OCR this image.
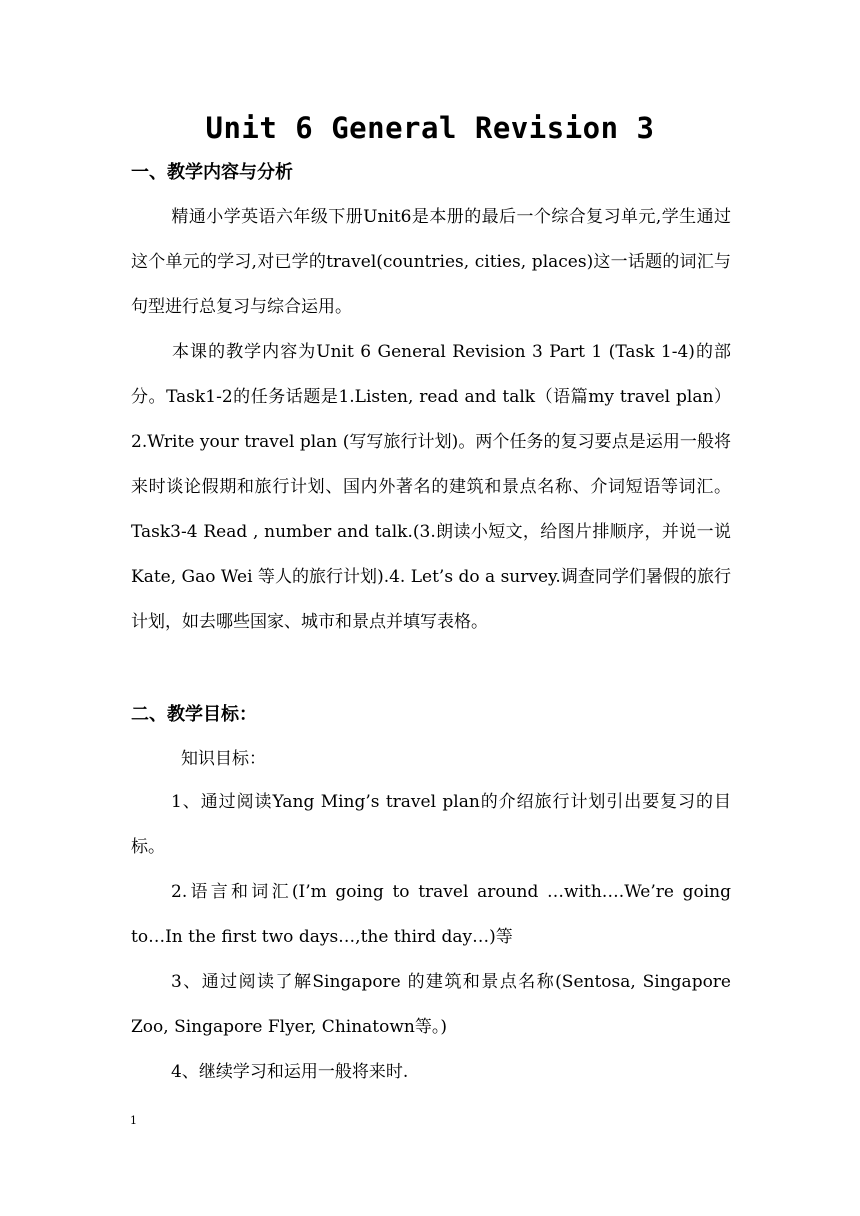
Unit 6 General Revision 3
一、教学内容与分析

精通小学英语六年级下册Unit6是本册的最后一个综合复习单元,学生通过这个单元的学习,对已学的travel(countries, cities, places)这一话题的词汇与句型进行总复习与综合运用。

本课的教学内容为Unit 6 General Revision 3 Part 1 (Task 1-4)的部分。Task1-2的任务话题是1.Listen, read and talk（语篇my travel plan）2.Write your travel plan (写写旅行计划)。两个任务的复习要点是运用一般将来时谈论假期和旅行计划、国内外著名的建筑和景点名称、介词短语等词汇。Task3-4 Read , number and talk.(3.朗读小短文，给图片排顺序，并说一说 Kate, Gao Wei 等人的旅行计划).4. Let’s do a survey.调查同学们暑假的旅行计划，如去哪些国家、城市和景点并填写表格。

二、教学目标：
知识目标：

1、通过阅读Yang Ming’s travel plan的介绍旅行计划引出要复习的目标。

2.语言和词汇(I’m going to travel around …with….We’re going to…In the first two days…,the third day…)等

3、通过阅读了解Singapore 的建筑和景点名称(Sentosa, Singapore Zoo, Singapore Flyer, Chinatown等。)

4、继续学习和运用一般将来时.

1
